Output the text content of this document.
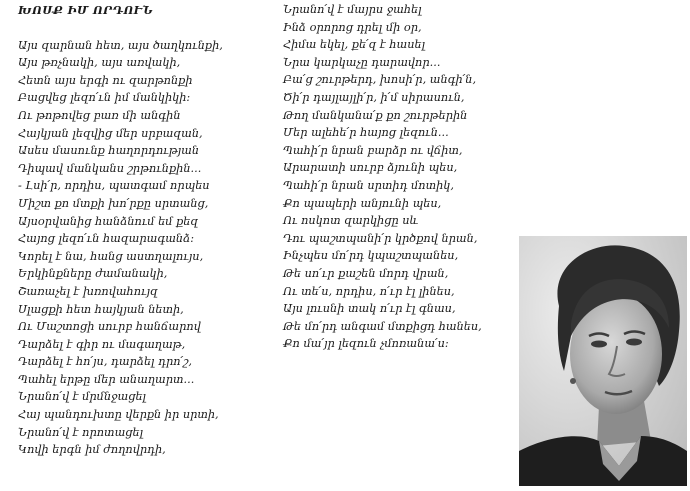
ԽՈՍՔ ԻՄ ՈՐԴՈՒՆ
Այս զարնան հետ, այս ծաղկունքի,
Այս թռչնակի, այս առվակի,
Հետն այս երգի ու զարթոնքի
Բացվեց լեզո՛ւն իմ մանկիկի:
Ու թոթովեց բառ մի անգին
Հայկյան լեզվից մեր սրբազան,
Ասես մասունք հաղորդության
Դիպավ մանկանս շրթունքին...
- Լսի՛ր, որդիս, պատգամ որպես
Միշտ քո մտքի խո՛րքը սրտանց,
Այսօրվանից հանձնում եմ քեզ
Հայոց լեզո՛ւն հազարագանձ:
Կորել է նա, հանց աստղալույս,
Երկինքները ժամանակի,
Շառաչել է խռովահույզ
Սլացքի հետ հայկյան նետի,
Ու Մաշտոցի սուրբ հանճարով
Դարձել է գիր ու մագաղաթ,
Դարձել է հո՛յս, դարձել դրո՛շ,
Պահել երթը մեր անաղարտ...
Նրանո՛վ է մրմնջացել
Հայ պանդուխտը վերքն իր սրտի,
Նրանո՛վ է որոտացել
Կովի երգն իմ ժողովրդի,
Նրանո՛վ է մայրս ջահել
Ինձ օրորոց դրել մի օր,
Հիմա եկել, քե՛զ է հասել
Նրա կարկաչը դարավոր...
Բա՛ց շուրթերդ, խոսի՛ր, անգի՛ն,
Ծի՛ր դայլայլի՛ր, ի՛մ սիրասուն,
Թող մանկանա՛ք քո շուրթերին
Մեր ալեհե՛ր հայոց լեզուն...
Պահի՛ր նրան բարձր ու վճիտ,
Արարատի սուրբ ձյունի պես,
Պահի՛ր նրան սրտիդ մոտիկ,
Քո պապերի անյունի պես,
Ու ոսկոտ զարկիցը սև
Դու պաշտպանի՛ր կրծքով նրան,
Ինչպես մո՛րդ կպաշտպանես,
Թե սո՛ւր քաշեն մորդ վրան,
Ու տե՛ս, որդիս, ո՛ւր էլ լինես,
Այս լուսնի տակ ո՛ւր էլ գնաս,
Թե մո՛րդ անգամ մտքիցդ հանես,
Քո մա՛յր լեզուն չմոռանա՛ս:
